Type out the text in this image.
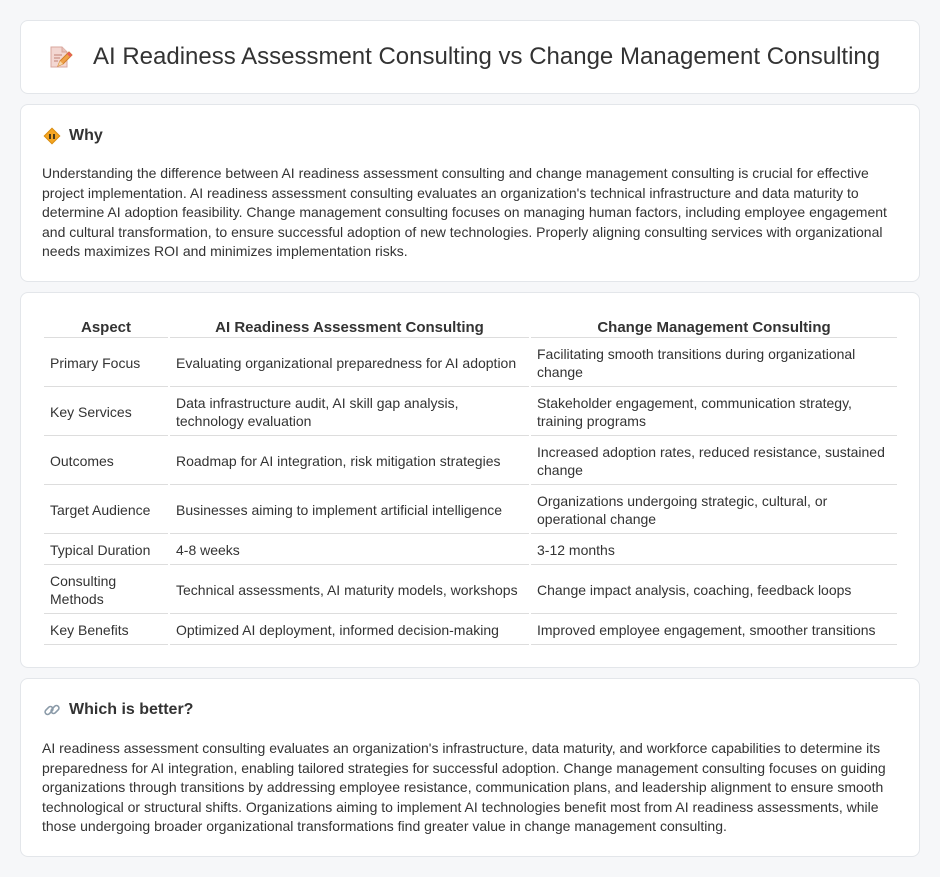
AI Readiness Assessment Consulting vs Change Management Consulting
Why

Understanding the difference between AI readiness assessment consulting and change management consulting is crucial for effective project implementation. AI readiness assessment consulting evaluates an organization's technical infrastructure and data maturity to determine AI adoption feasibility. Change management consulting focuses on managing human factors, including employee engagement and cultural transformation, to ensure successful adoption of new technologies. Properly aligning consulting services with organizational needs maximizes ROI and minimizes implementation risks.

Aspect	AI Readiness Assessment Consulting	Change Management Consulting
Primary Focus	Evaluating organizational preparedness for AI adoption	Facilitating smooth transitions during organizational change
Key Services	Data infrastructure audit, AI skill gap analysis, technology evaluation	Stakeholder engagement, communication strategy, training programs
Outcomes	Roadmap for AI integration, risk mitigation strategies	Increased adoption rates, reduced resistance, sustained change
Target Audience	Businesses aiming to implement artificial intelligence	Organizations undergoing strategic, cultural, or operational change
Typical Duration	4-8 weeks	3-12 months
Consulting Methods	Technical assessments, AI maturity models, workshops	Change impact analysis, coaching, feedback loops
Key Benefits	Optimized AI deployment, informed decision-making	Improved employee engagement, smoother transitions
Which is better?

AI readiness assessment consulting evaluates an organization's infrastructure, data maturity, and workforce capabilities to determine its preparedness for AI integration, enabling tailored strategies for successful adoption. Change management consulting focuses on guiding organizations through transitions by addressing employee resistance, communication plans, and leadership alignment to ensure smooth technological or structural shifts. Organizations aiming to implement AI technologies benefit most from AI readiness assessments, while those undergoing broader organizational transformations find greater value in change management consulting.
